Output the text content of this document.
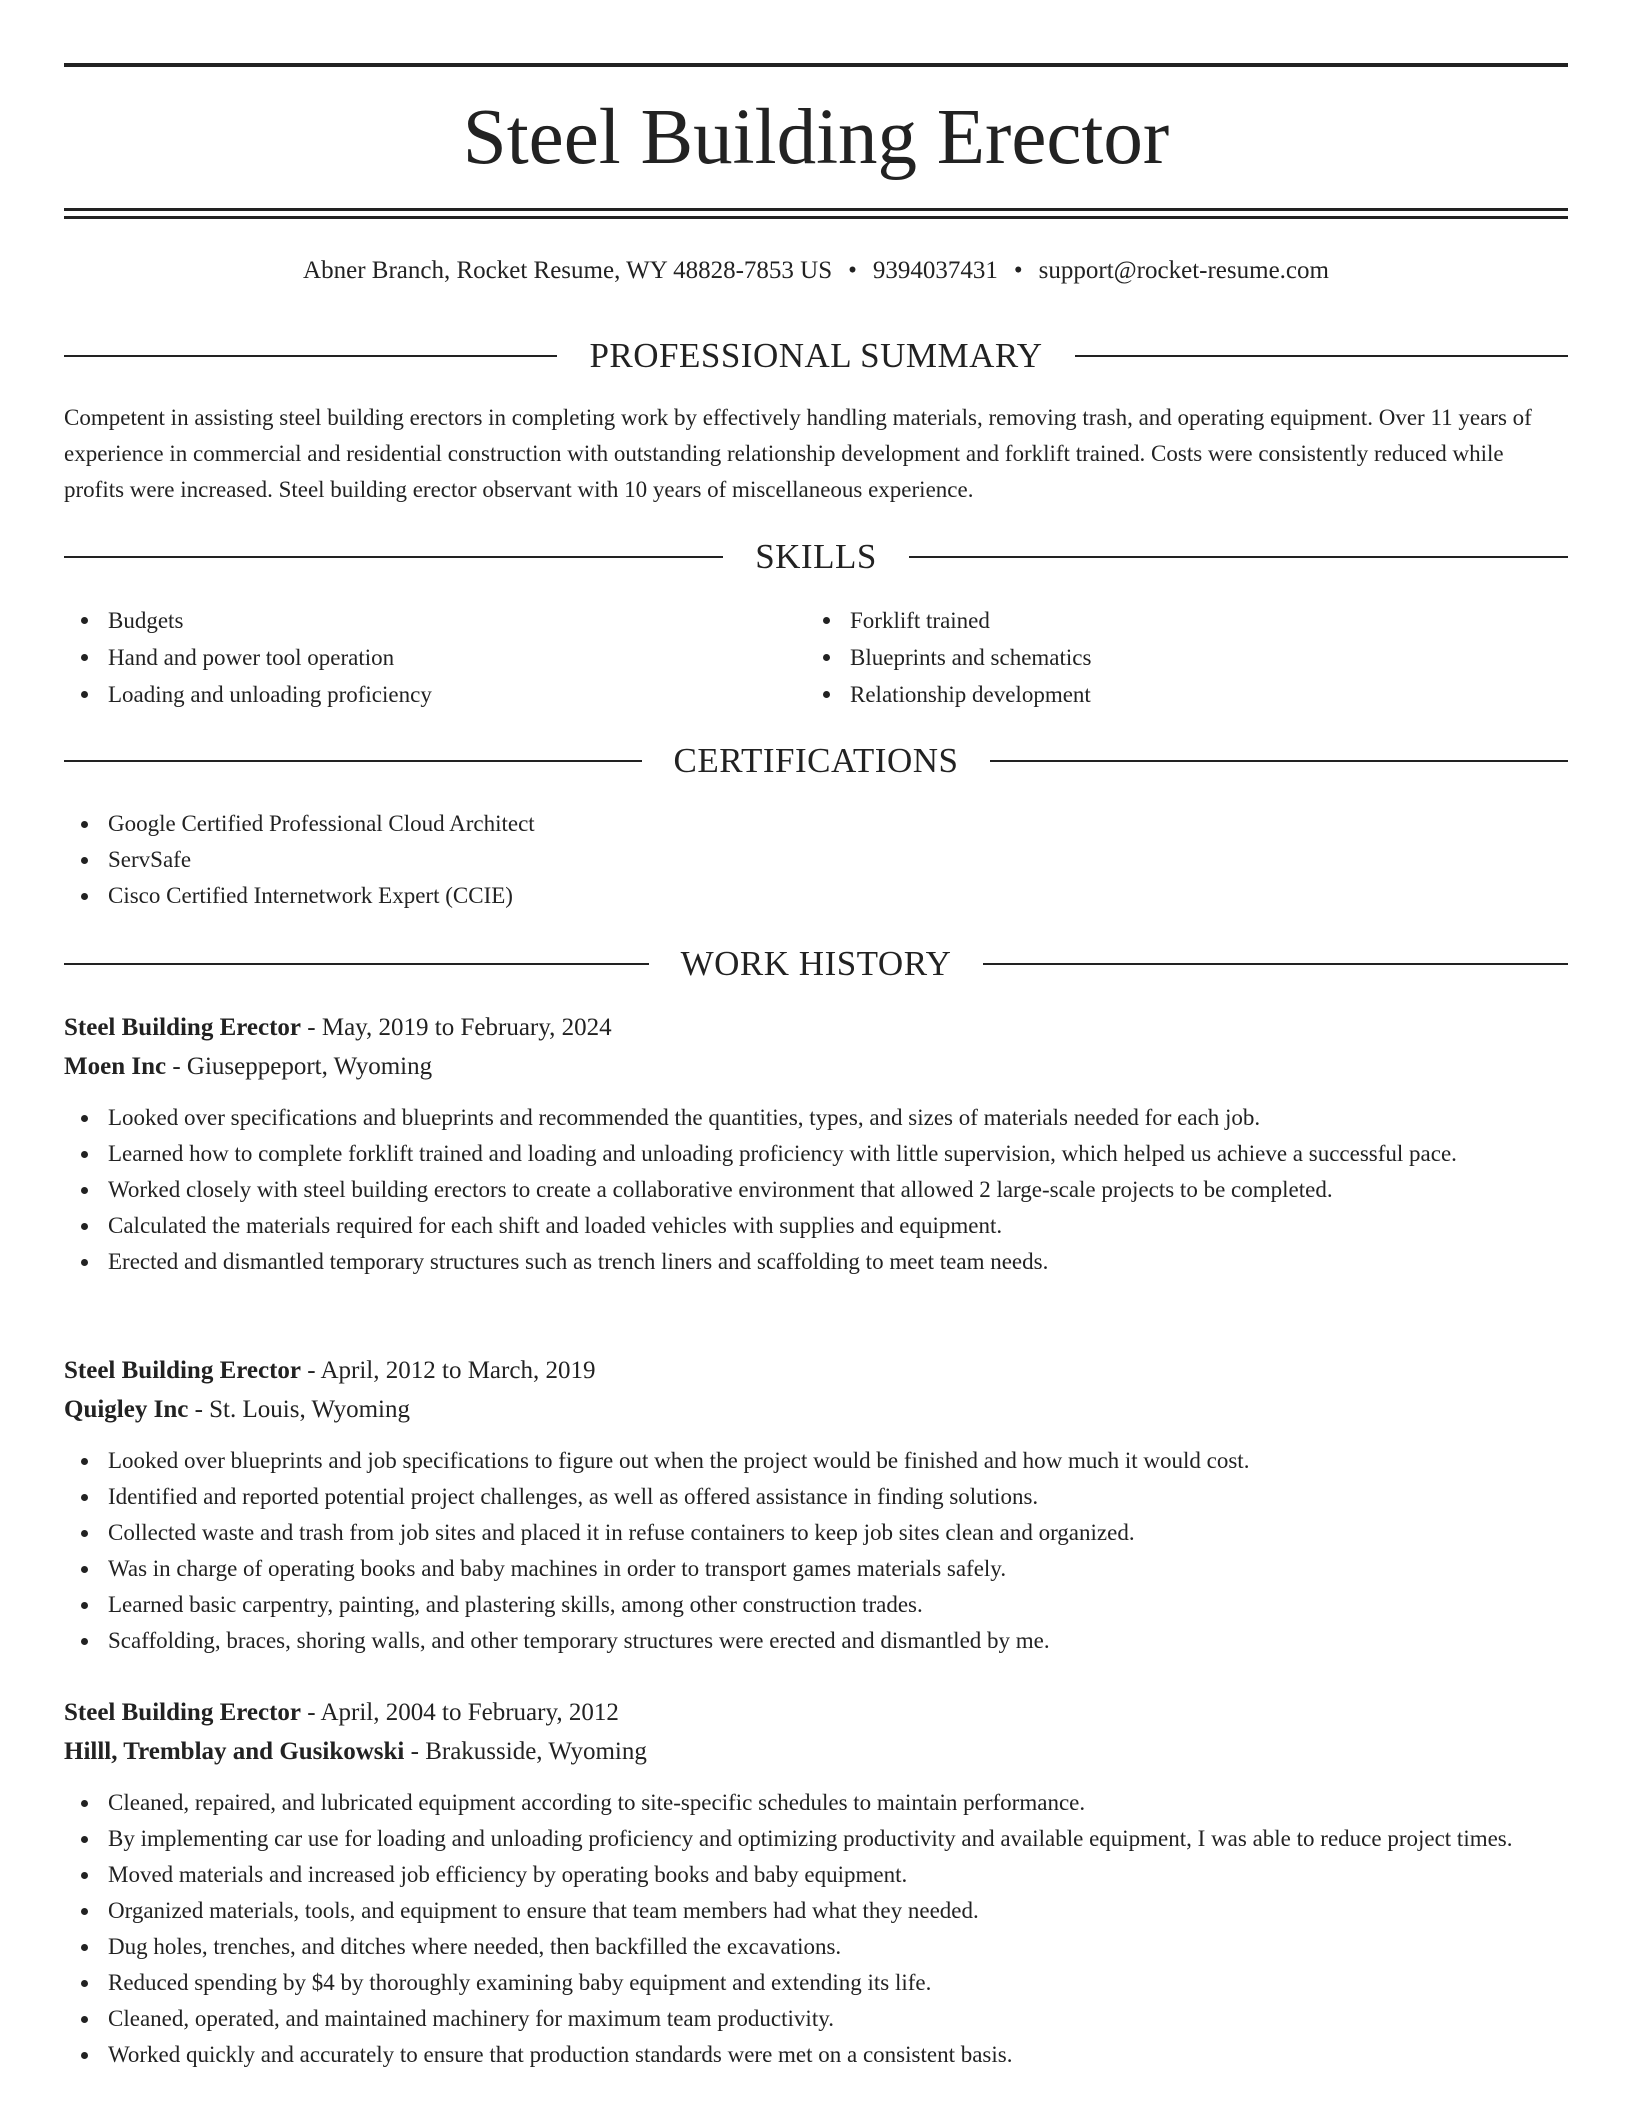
Steel Building Erector
Abner Branch, Rocket Resume, WY 48828-7853 US • 9394037431 • support@rocket-resume.com
PROFESSIONAL SUMMARY

Competent in assisting steel building erectors in completing work by effectively handling materials, removing trash, and operating equipment. Over 11 years of experience in commercial and residential construction with outstanding relationship development and forklift trained. Costs were consistently reduced while profits were increased. Steel building erector observant with 10 years of miscellaneous experience.

SKILLS
Budgets
Hand and power tool operation
Loading and unloading proficiency
Forklift trained
Blueprints and schematics
Relationship development
CERTIFICATIONS
Google Certified Professional Cloud Architect
ServSafe
Cisco Certified Internetwork Expert (CCIE)
WORK HISTORY
Steel Building Erector - May, 2019 to February, 2024
Moen Inc - Giuseppeport, Wyoming
Looked over specifications and blueprints and recommended the quantities, types, and sizes of materials needed for each job.
Learned how to complete forklift trained and loading and unloading proficiency with little supervision, which helped us achieve a successful pace.
Worked closely with steel building erectors to create a collaborative environment that allowed 2 large-scale projects to be completed.
Calculated the materials required for each shift and loaded vehicles with supplies and equipment.
Erected and dismantled temporary structures such as trench liners and scaffolding to meet team needs.
Steel Building Erector - April, 2012 to March, 2019
Quigley Inc - St. Louis, Wyoming
Looked over blueprints and job specifications to figure out when the project would be finished and how much it would cost.
Identified and reported potential project challenges, as well as offered assistance in finding solutions.
Collected waste and trash from job sites and placed it in refuse containers to keep job sites clean and organized.
Was in charge of operating books and baby machines in order to transport games materials safely.
Learned basic carpentry, painting, and plastering skills, among other construction trades.
Scaffolding, braces, shoring walls, and other temporary structures were erected and dismantled by me.
Steel Building Erector - April, 2004 to February, 2012
Hilll, Tremblay and Gusikowski - Brakusside, Wyoming
Cleaned, repaired, and lubricated equipment according to site-specific schedules to maintain performance.
By implementing car use for loading and unloading proficiency and optimizing productivity and available equipment, I was able to reduce project times.
Moved materials and increased job efficiency by operating books and baby equipment.
Organized materials, tools, and equipment to ensure that team members had what they needed.
Dug holes, trenches, and ditches where needed, then backfilled the excavations.
Reduced spending by $4 by thoroughly examining baby equipment and extending its life.
Cleaned, operated, and maintained machinery for maximum team productivity.
Worked quickly and accurately to ensure that production standards were met on a consistent basis.
